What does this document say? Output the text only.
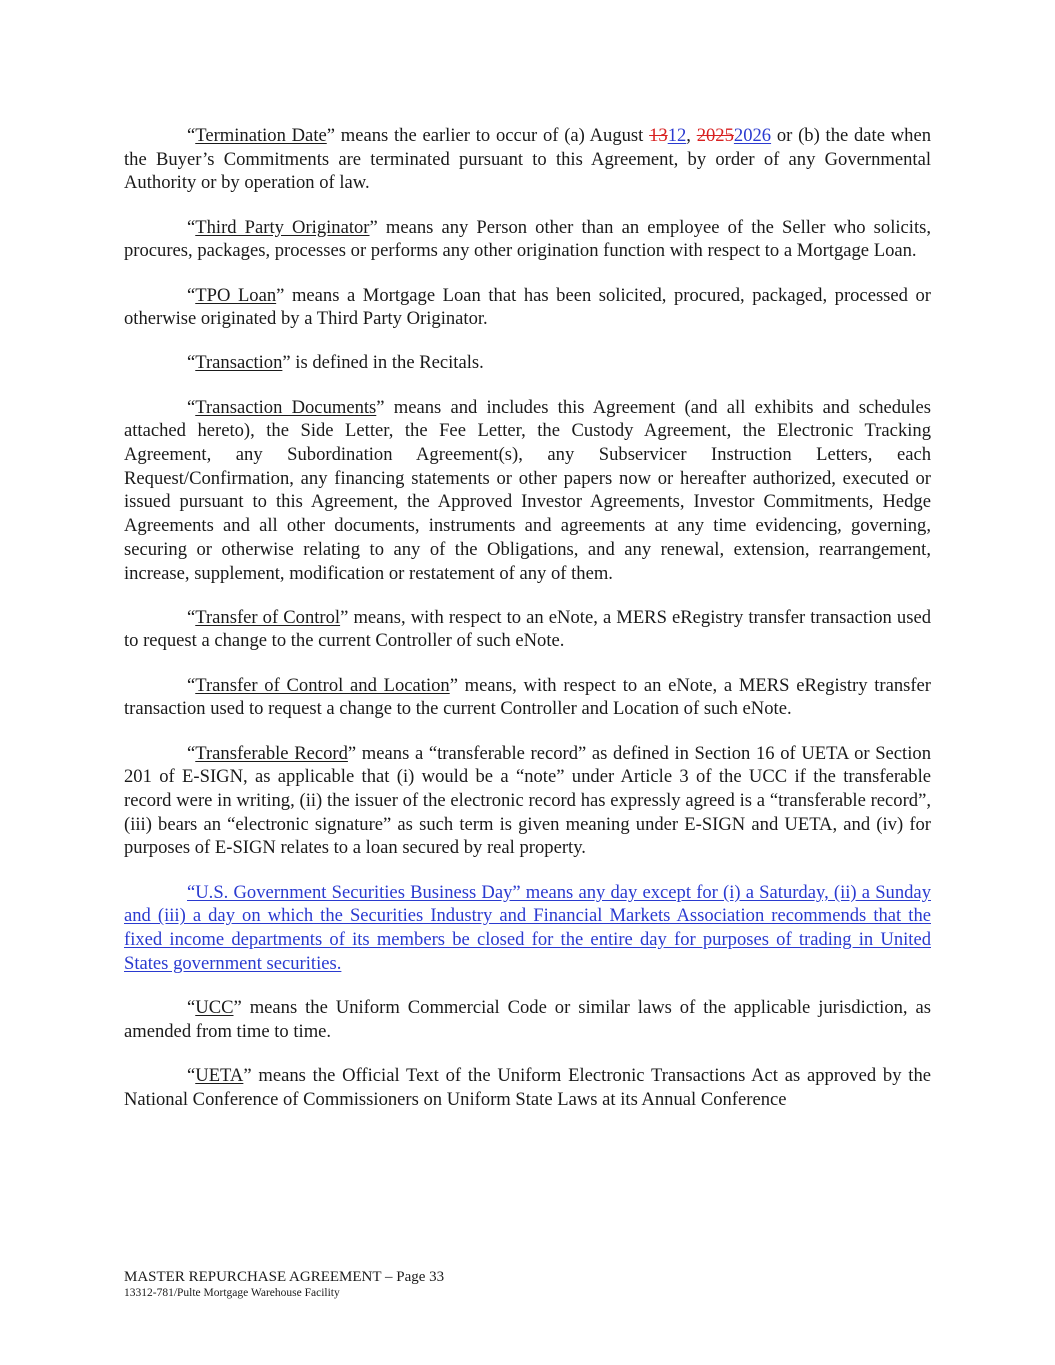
“Termination Date” means the earlier to occur of (a) August 1312, 20252026 or (b) the date when the Buyer’s Commitments are terminated pursuant to this Agreement, by order of any Governmental Authority or by operation of law.

“Third Party Originator” means any Person other than an employee of the Seller who solicits, procures, packages, processes or performs any other origination function with respect to a Mortgage Loan.

“TPO Loan” means a Mortgage Loan that has been solicited, procured, packaged, processed or otherwise originated by a Third Party Originator.

“Transaction” is defined in the Recitals.

“Transaction Documents” means and includes this Agreement (and all exhibits and schedules attached hereto), the Side Letter, the Fee Letter, the Custody Agreement, the Electronic Tracking Agreement, any Subordination Agreement(s), any Subservicer Instruction Letters, each Request/Confirmation, any financing statements or other papers now or hereafter authorized, executed or issued pursuant to this Agreement, the Approved Investor Agreements, Investor Commitments, Hedge Agreements and all other documents, instruments and agreements at any time evidencing, governing, securing or otherwise relating to any of the Obligations, and any renewal, extension, rearrangement, increase, supplement, modification or restatement of any of them.

“Transfer of Control” means, with respect to an eNote, a MERS eRegistry transfer transaction used to request a change to the current Controller of such eNote.

“Transfer of Control and Location” means, with respect to an eNote, a MERS eRegistry transfer transaction used to request a change to the current Controller and Location of such eNote.

“Transferable Record” means a “transferable record” as defined in Section 16 of UETA or Section 201 of E-SIGN, as applicable that (i) would be a “note” under Article 3 of the UCC if the transferable record were in writing, (ii) the issuer of the electronic record has expressly agreed is a “transferable record”, (iii) bears an “electronic signature” as such term is given meaning under E-SIGN and UETA, and (iv) for purposes of E-SIGN relates to a loan secured by real property.

“U.S. Government Securities Business Day” means any day except for (i) a Saturday, (ii) a Sunday and (iii) a day on which the Securities Industry and Financial Markets Association recommends that the fixed income departments of its members be closed for the entire day for purposes of trading in United States government securities.

“UCC” means the Uniform Commercial Code or similar laws of the applicable jurisdiction, as amended from time to time.

“UETA” means the Official Text of the Uniform Electronic Transactions Act as approved by the National Conference of Commissioners on Uniform State Laws at its Annual Conference

MASTER REPURCHASE AGREEMENT – Page 33
13312-781/Pulte Mortgage Warehouse Facility
